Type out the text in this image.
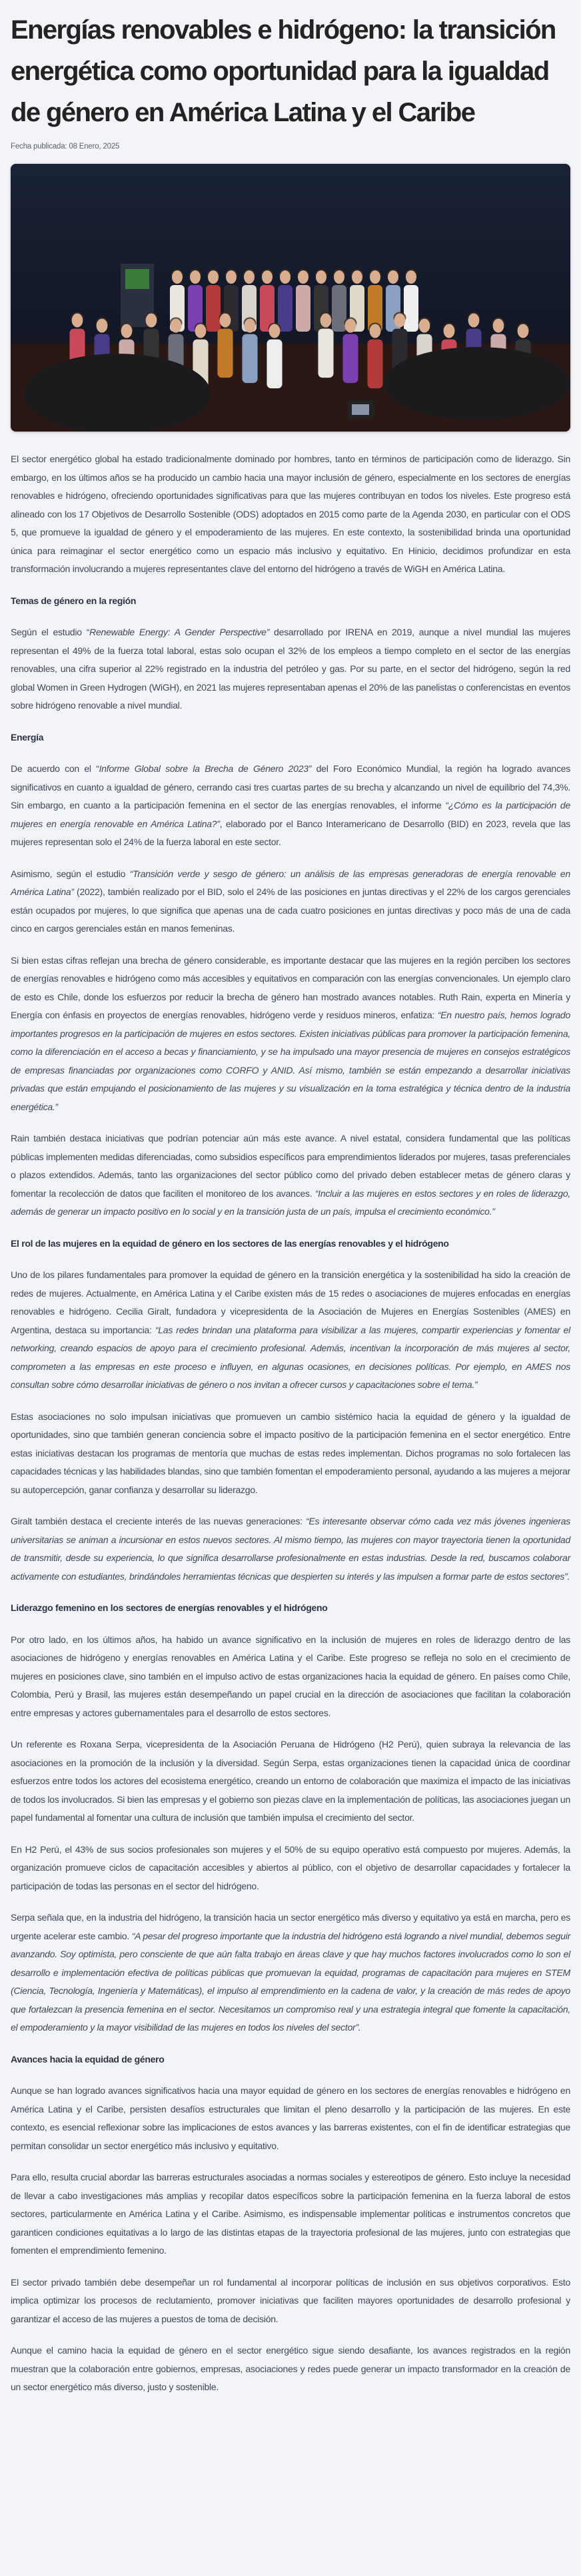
Energías renovables e hidrógeno: la transición energética como oportunidad para la igualdad de género en América Latina y el Caribe
Fecha publicada: 08 Enero, 2025

El sector energético global ha estado tradicionalmente dominado por hombres, tanto en términos de participación como de liderazgo. Sin embargo, en los últimos años se ha producido un cambio hacia una mayor inclusión de género, especialmente en los sectores de energías renovables e hidrógeno, ofreciendo oportunidades significativas para que las mujeres contribuyan en todos los niveles. Este progreso está alineado con los 17 Objetivos de Desarrollo Sostenible (ODS) adoptados en 2015 como parte de la Agenda 2030, en particular con el ODS 5, que promueve la igualdad de género y el empoderamiento de las mujeres. En este contexto, la sostenibilidad brinda una oportunidad única para reimaginar el sector energético como un espacio más inclusivo y equitativo. En Hinicio, decidimos profundizar en esta transformación involucrando a mujeres representantes clave del entorno del hidrógeno a través de WiGH en América Latina.

Temas de género en la región

Según el estudio “Renewable Energy: A Gender Perspective” desarrollado por IRENA en 2019, aunque a nivel mundial las mujeres representan el 49% de la fuerza total laboral, estas solo ocupan el 32% de los empleos a tiempo completo en el sector de las energías renovables, una cifra superior al 22% registrado en la industria del petróleo y gas. Por su parte, en el sector del hidrógeno, según la red global Women in Green Hydrogen (WiGH), en 2021 las mujeres representaban apenas el 20% de las panelistas o conferencistas en eventos sobre hidrógeno renovable a nivel mundial.

Energía

De acuerdo con el “Informe Global sobre la Brecha de Género 2023” del Foro Económico Mundial, la región ha logrado avances significativos en cuanto a igualdad de género, cerrando casi tres cuartas partes de su brecha y alcanzando un nivel de equilibrio del 74,3%. Sin embargo, en cuanto a la participación femenina en el sector de las energías renovables, el informe “¿Cómo es la participación de mujeres en energía renovable en América Latina?”, elaborado por el Banco Interamericano de Desarrollo (BID) en 2023, revela que las mujeres representan solo el 24% de la fuerza laboral en este sector.

Asimismo, según el estudio “Transición verde y sesgo de género: un análisis de las empresas generadoras de energía renovable en América Latina” (2022), también realizado por el BID, solo el 24% de las posiciones en juntas directivas y el 22% de los cargos gerenciales están ocupados por mujeres, lo que significa que apenas una de cada cuatro posiciones en juntas directivas y poco más de una de cada cinco en cargos gerenciales están en manos femeninas.

Si bien estas cifras reflejan una brecha de género considerable, es importante destacar que las mujeres en la región perciben los sectores de energías renovables e hidrógeno como más accesibles y equitativos en comparación con las energías convencionales. Un ejemplo claro de esto es Chile, donde los esfuerzos por reducir la brecha de género han mostrado avances notables. Ruth Rain, experta en Minería y Energía con énfasis en proyectos de energías renovables, hidrógeno verde y residuos mineros, enfatiza: “En nuestro país, hemos logrado importantes progresos en la participación de mujeres en estos sectores. Existen iniciativas públicas para promover la participación femenina, como la diferenciación en el acceso a becas y financiamiento, y se ha impulsado una mayor presencia de mujeres en consejos estratégicos de empresas financiadas por organizaciones como CORFO y ANID. Así mismo, también se están empezando a desarrollar iniciativas privadas que están empujando el posicionamiento de las mujeres y su visualización en la toma estratégica y técnica dentro de la industria energética.”

Rain también destaca iniciativas que podrían potenciar aún más este avance. A nivel estatal, considera fundamental que las políticas públicas implementen medidas diferenciadas, como subsidios específicos para emprendimientos liderados por mujeres, tasas preferenciales o plazos extendidos. Además, tanto las organizaciones del sector público como del privado deben establecer metas de género claras y fomentar la recolección de datos que faciliten el monitoreo de los avances. “Incluir a las mujeres en estos sectores y en roles de liderazgo, además de generar un impacto positivo en lo social y en la transición justa de un país, impulsa el crecimiento económico.”

El rol de las mujeres en la equidad de género en los sectores de las energías renovables y el hidrógeno

Uno de los pilares fundamentales para promover la equidad de género en la transición energética y la sostenibilidad ha sido la creación de redes de mujeres. Actualmente, en América Latina y el Caribe existen más de 15 redes o asociaciones de mujeres enfocadas en energías renovables e hidrógeno. Cecilia Giralt, fundadora y vicepresidenta de la Asociación de Mujeres en Energías Sostenibles (AMES) en Argentina, destaca su importancia: “Las redes brindan una plataforma para visibilizar a las mujeres, compartir experiencias y fomentar el networking, creando espacios de apoyo para el crecimiento profesional. Además, incentivan la incorporación de más mujeres al sector, comprometen a las empresas en este proceso e influyen, en algunas ocasiones, en decisiones políticas. Por ejemplo, en AMES nos consultan sobre cómo desarrollar iniciativas de género o nos invitan a ofrecer cursos y capacitaciones sobre el tema.”

Estas asociaciones no solo impulsan iniciativas que promueven un cambio sistémico hacia la equidad de género y la igualdad de oportunidades, sino que también generan conciencia sobre el impacto positivo de la participación femenina en el sector energético. Entre estas iniciativas destacan los programas de mentoría que muchas de estas redes implementan. Dichos programas no solo fortalecen las capacidades técnicas y las habilidades blandas, sino que también fomentan el empoderamiento personal, ayudando a las mujeres a mejorar su autopercepción, ganar confianza y desarrollar su liderazgo.

Giralt también destaca el creciente interés de las nuevas generaciones: “Es interesante observar cómo cada vez más jóvenes ingenieras universitarias se animan a incursionar en estos nuevos sectores. Al mismo tiempo, las mujeres con mayor trayectoria tienen la oportunidad de transmitir, desde su experiencia, lo que significa desarrollarse profesionalmente en estas industrias. Desde la red, buscamos colaborar activamente con estudiantes, brindándoles herramientas técnicas que despierten su interés y las impulsen a formar parte de estos sectores”.

Liderazgo femenino en los sectores de energías renovables y el hidrógeno

Por otro lado, en los últimos años, ha habido un avance significativo en la inclusión de mujeres en roles de liderazgo dentro de las asociaciones de hidrógeno y energías renovables en América Latina y el Caribe. Este progreso se refleja no solo en el crecimiento de mujeres en posiciones clave, sino también en el impulso activo de estas organizaciones hacia la equidad de género. En países como Chile, Colombia, Perú y Brasil, las mujeres están desempeñando un papel crucial en la dirección de asociaciones que facilitan la colaboración entre empresas y actores gubernamentales para el desarrollo de estos sectores.

Un referente es Roxana Serpa, vicepresidenta de la Asociación Peruana de Hidrógeno (H2 Perú), quien subraya la relevancia de las asociaciones en la promoción de la inclusión y la diversidad. Según Serpa, estas organizaciones tienen la capacidad única de coordinar esfuerzos entre todos los actores del ecosistema energético, creando un entorno de colaboración que maximiza el impacto de las iniciativas de todos los involucrados. Si bien las empresas y el gobierno son piezas clave en la implementación de políticas, las asociaciones juegan un papel fundamental al fomentar una cultura de inclusión que también impulsa el crecimiento del sector.

En H2 Perú, el 43% de sus socios profesionales son mujeres y el 50% de su equipo operativo está compuesto por mujeres. Además, la organización promueve ciclos de capacitación accesibles y abiertos al público, con el objetivo de desarrollar capacidades y fortalecer la participación de todas las personas en el sector del hidrógeno.

Serpa señala que, en la industria del hidrógeno, la transición hacia un sector energético más diverso y equitativo ya está en marcha, pero es urgente acelerar este cambio. “A pesar del progreso importante que la industria del hidrógeno está logrando a nivel mundial, debemos seguir avanzando. Soy optimista, pero consciente de que aún falta trabajo en áreas clave y que hay muchos factores involucrados como lo son el desarrollo e implementación efectiva de políticas públicas que promuevan la equidad, programas de capacitación para mujeres en STEM (Ciencia, Tecnología, Ingeniería y Matemáticas), el impulso al emprendimiento en la cadena de valor, y la creación de más redes de apoyo que fortalezcan la presencia femenina en el sector. Necesitamos un compromiso real y una estrategia integral que fomente la capacitación, el empoderamiento y la mayor visibilidad de las mujeres en todos los niveles del sector”.

Avances hacia la equidad de género

Aunque se han logrado avances significativos hacia una mayor equidad de género en los sectores de energías renovables e hidrógeno en América Latina y el Caribe, persisten desafíos estructurales que limitan el pleno desarrollo y la participación de las mujeres. En este contexto, es esencial reflexionar sobre las implicaciones de estos avances y las barreras existentes, con el fin de identificar estrategias que permitan consolidar un sector energético más inclusivo y equitativo.

Para ello, resulta crucial abordar las barreras estructurales asociadas a normas sociales y estereotipos de género. Esto incluye la necesidad de llevar a cabo investigaciones más amplias y recopilar datos específicos sobre la participación femenina en la fuerza laboral de estos sectores, particularmente en América Latina y el Caribe. Asimismo, es indispensable implementar políticas e instrumentos concretos que garanticen condiciones equitativas a lo largo de las distintas etapas de la trayectoria profesional de las mujeres, junto con estrategias que fomenten el emprendimiento femenino.

El sector privado también debe desempeñar un rol fundamental al incorporar políticas de inclusión en sus objetivos corporativos. Esto implica optimizar los procesos de reclutamiento, promover iniciativas que faciliten mayores oportunidades de desarrollo profesional y garantizar el acceso de las mujeres a puestos de toma de decisión.

Aunque el camino hacia la equidad de género en el sector energético sigue siendo desafiante, los avances registrados en la región muestran que la colaboración entre gobiernos, empresas, asociaciones y redes puede generar un impacto transformador en la creación de un sector energético más diverso, justo y sostenible.
